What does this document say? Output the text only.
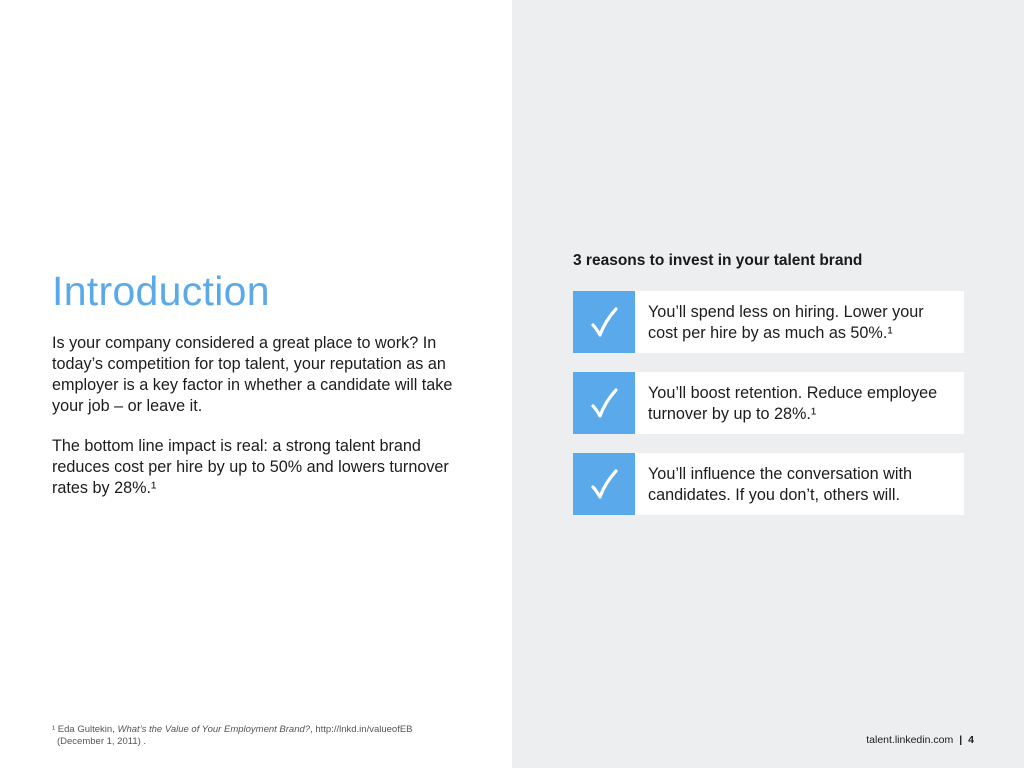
Introduction

Is your company considered a great place to work? In today’s competition for top talent, your reputation as an employer is a key factor in whether a candidate will take your job – or leave it.

The bottom line impact is real: a strong talent brand reduces cost per hire by up to 50% and lowers turnover rates by 28%.¹

3 reasons to invest in your talent brand

You’ll spend less on hiring. Lower your cost per hire by as much as 50%.¹

You’ll boost retention. Reduce employee turnover by up to 28%.¹

You’ll influence the conversation with candidates. If you don’t, others will.

¹ Eda Gultekin, What’s the Value of Your Employment Brand?, http://lnkd.in/valueofEB
(December 1, 2011) .	talent.linkedin.com | 4
